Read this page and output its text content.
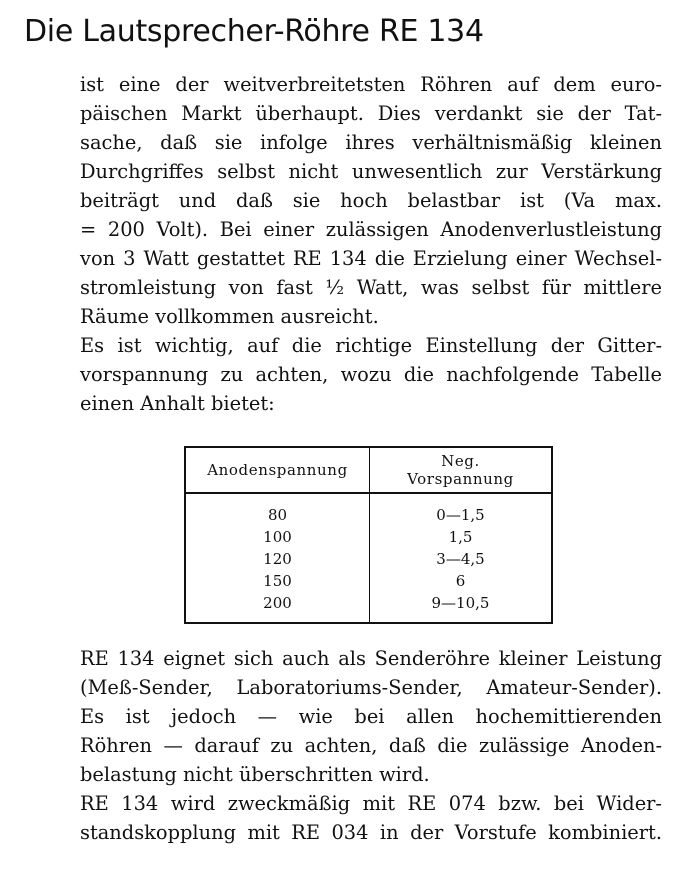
Die Lautsprecher-Röhre RE 134

ist eine der weitverbreitetsten Röhren auf dem euro-
päischen Markt überhaupt. Dies verdankt sie der Tat-
sache, daß sie infolge ihres verhältnismäßig kleinen
Durchgriffes selbst nicht unwesentlich zur Verstärkung
beiträgt und daß sie hoch belastbar ist (Va max.
= 200 Volt). Bei einer zulässigen Anodenverlustleistung
von 3 Watt gestattet RE 134 die Erzielung einer Wechsel-
stromleistung von fast ½ Watt, was selbst für mittlere
Räume vollkommen ausreicht.
Es ist wichtig, auf die richtige Einstellung der Gitter-
vorspannung zu achten, wozu die nachfolgende Tabelle
einen Anhalt bietet:

Anodenspannung	Neg.
Vorspannung
80	0—1,5
100	1,5
120	3—4,5
150	6
200	9—10,5

RE 134 eignet sich auch als Senderöhre kleiner Leistung
(Meß-Sender, Laboratoriums-Sender, Amateur-Sender).
Es ist jedoch — wie bei allen hochemittierenden
Röhren — darauf zu achten, daß die zulässige Anoden-
belastung nicht überschritten wird.
RE 134 wird zweckmäßig mit RE 074 bzw. bei Wider-
standskopplung mit RE 034 in der Vorstufe kombiniert.
